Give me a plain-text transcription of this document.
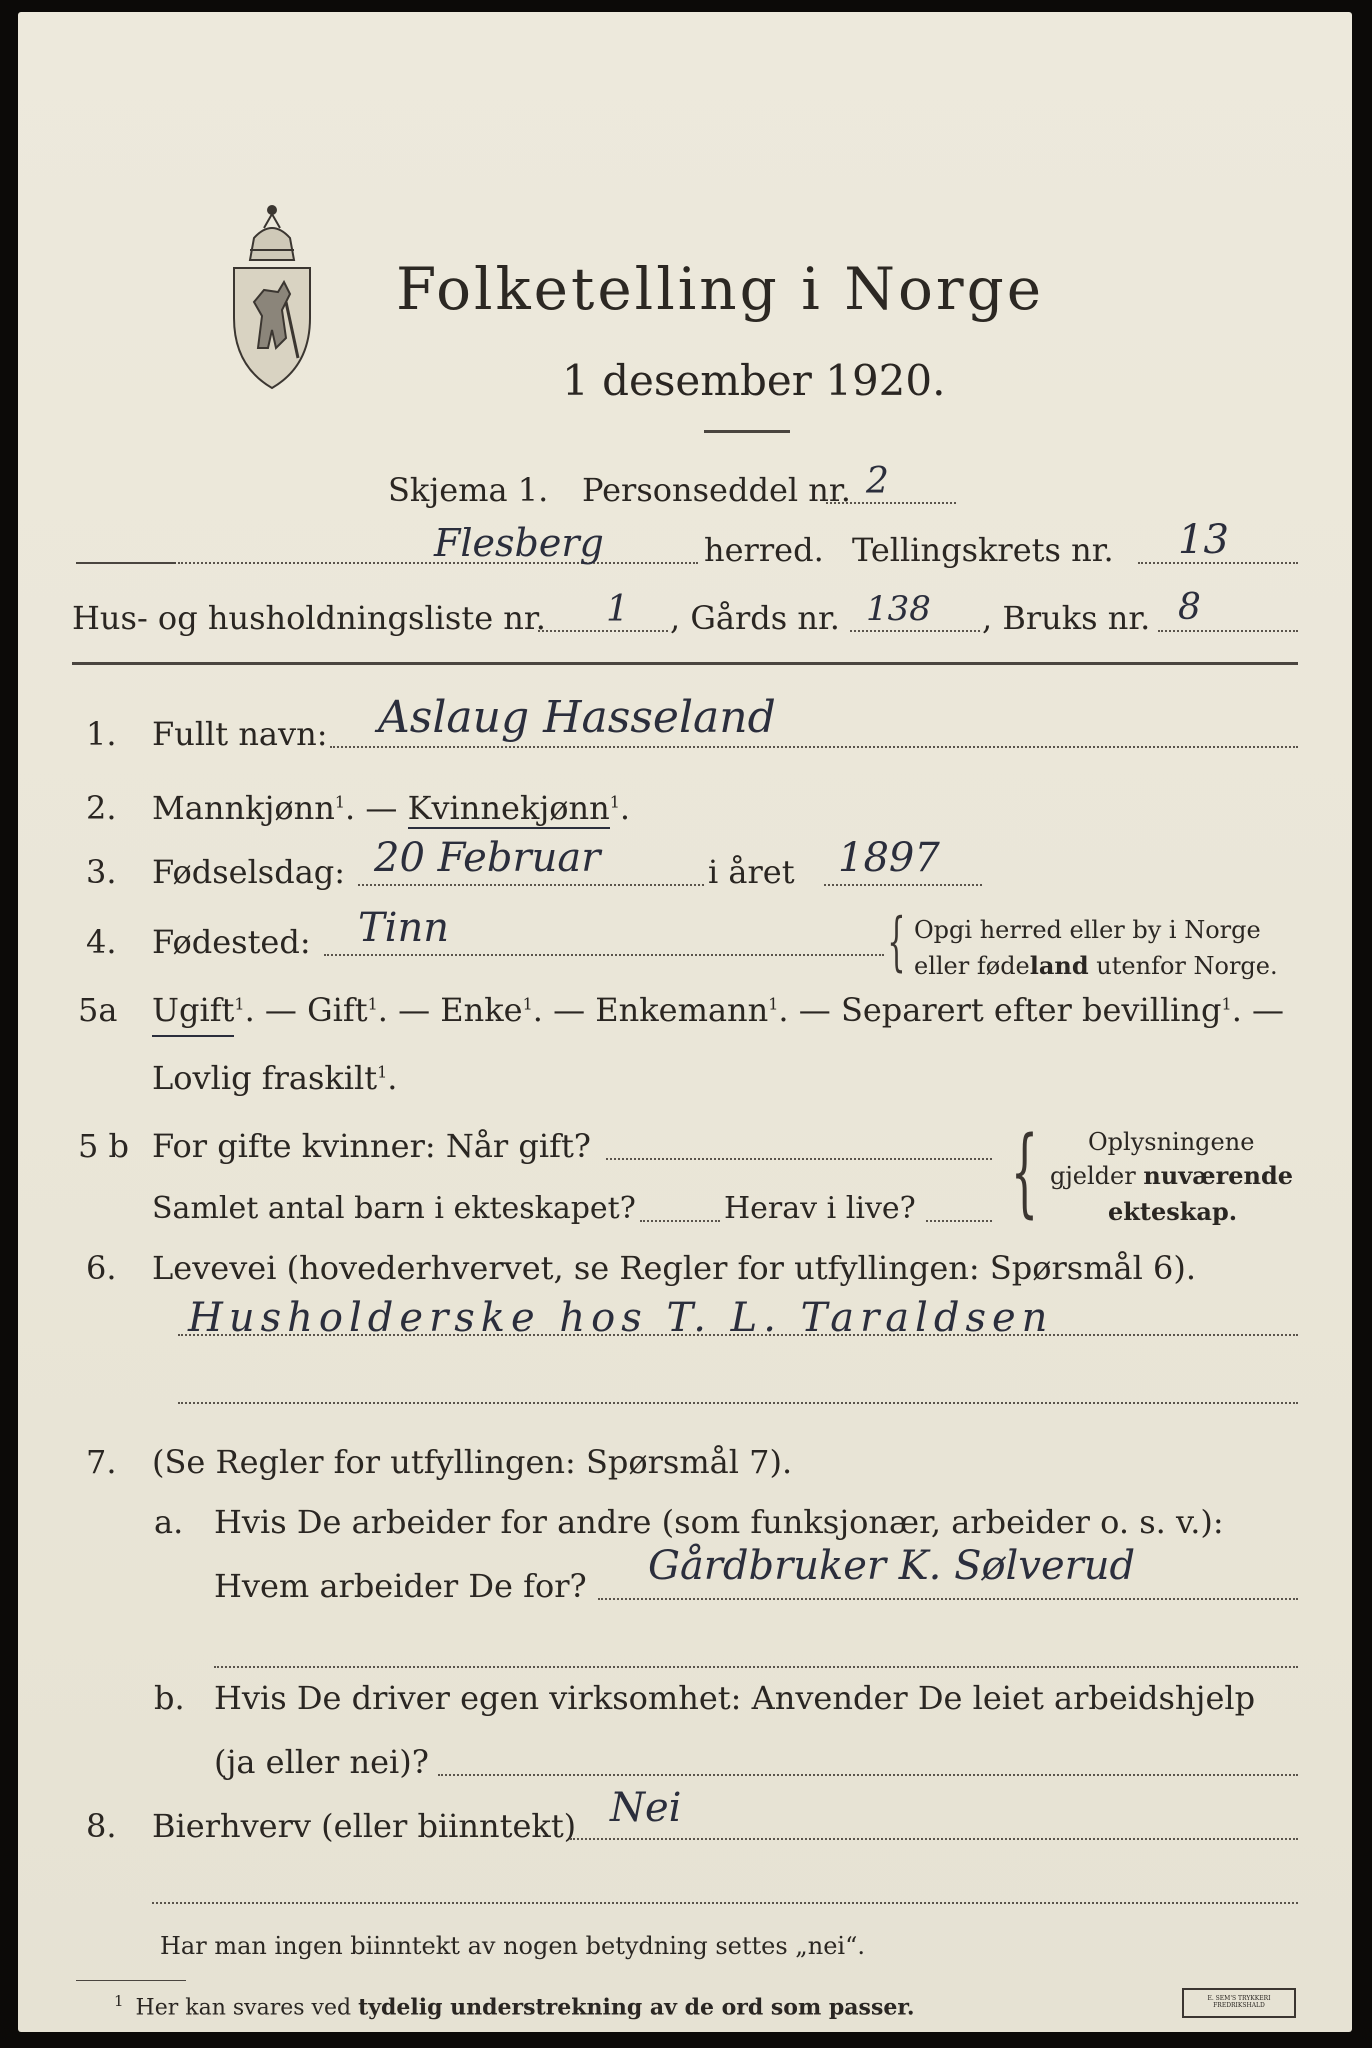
Folketelling i Norge
1 desember 1920.
Skjema 1. Personseddel nr. 2
Flesberg	herred. Tellingskrets nr. 13
Hus- og husholdningsliste nr. 1 , Gårds nr. 138 , Bruks nr. 8
1. Fullt navn: Aslaug Hasseland
2. Mannkjønn$^1$. — Kvinnekjønn$^1$.
3. Fødselsdag: 20 Februar	i året 1897
4. Fødested: Tinn	{ Opgi herred eller by i Norge
eller fødeland utenfor Norge.
5a Ugift$^1$. — Gift$^1$. — Enke$^1$. — Enkemann$^1$. — Separert efter bevilling$^1$. —
Lovlig fraskilt$^1$.
5 b For gifte kvinner: Når gift?
Samlet antal barn i ekteskapet?	Herav i live? { Oplysningene
gjelder nuværende
ekteskap.
6. Levevei (hovederhvervet, se Regler for utfyllingen: Spørsmål 6).
Husholderske hos T. L. Taraldsen
7. (Se Regler for utfyllingen: Spørsmål 7).
a. Hvis De arbeider for andre (som funksjonær, arbeider o. s. v.):
Hvem arbeider De for? Gårdbruker K. Sølverud
b. Hvis De driver egen virksomhet: Anvender De leiet arbeidshjelp
(ja eller nei)?
8. Bierhverv (eller biinntekt) Nei
Har man ingen biinntekt av nogen betydning settes „nei“.
$^1$ Her kan svares ved tydelig understrekning av de ord som passer.	E. SEM'S TRYKKERI FREDRIKSHALD
